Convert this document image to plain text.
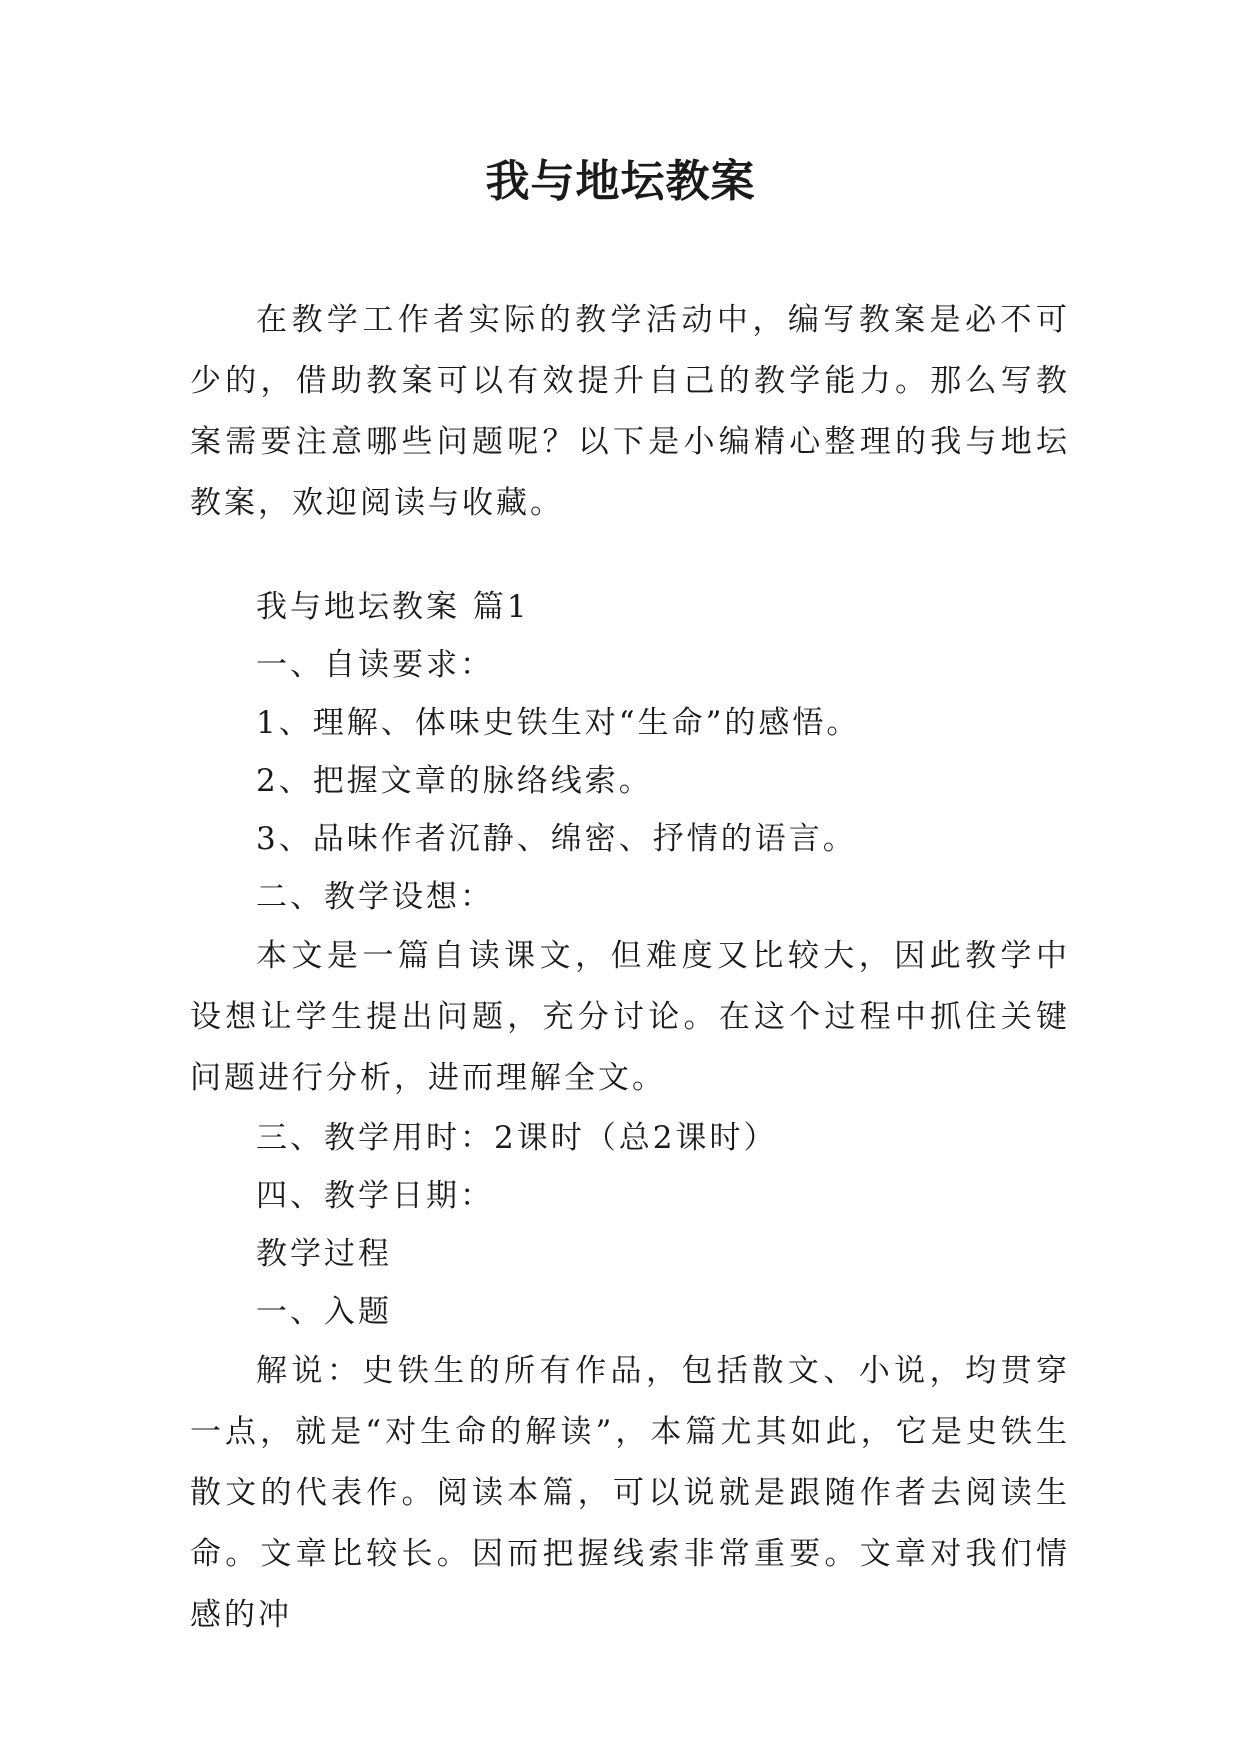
我与地坛教案

在教学工作者实际的教学活动中，编写教案是必不可少的，借助教案可以有效提升自己的教学能力。那么写教案需要注意哪些问题呢？以下是小编精心整理的我与地坛教案，欢迎阅读与收藏。

我与地坛教案 篇1

一、自读要求：

1、理解、体味史铁生对“生命”的感悟。

2、把握文章的脉络线索。

3、品味作者沉静、绵密、抒情的语言。

二、教学设想：

本文是一篇自读课文，但难度又比较大，因此教学中设想让学生提出问题，充分讨论。在这个过程中抓住关键问题进行分析，进而理解全文。

三、教学用时：2课时（总2课时）

四、教学日期：

教学过程

一、入题

解说：史铁生的所有作品，包括散文、小说，均贯穿一点，就是“对生命的解读”，本篇尤其如此，它是史铁生散文的代表作。阅读本篇，可以说就是跟随作者去阅读生命。文章比较长。因而把握线索非常重要。文章对我们情感的冲
